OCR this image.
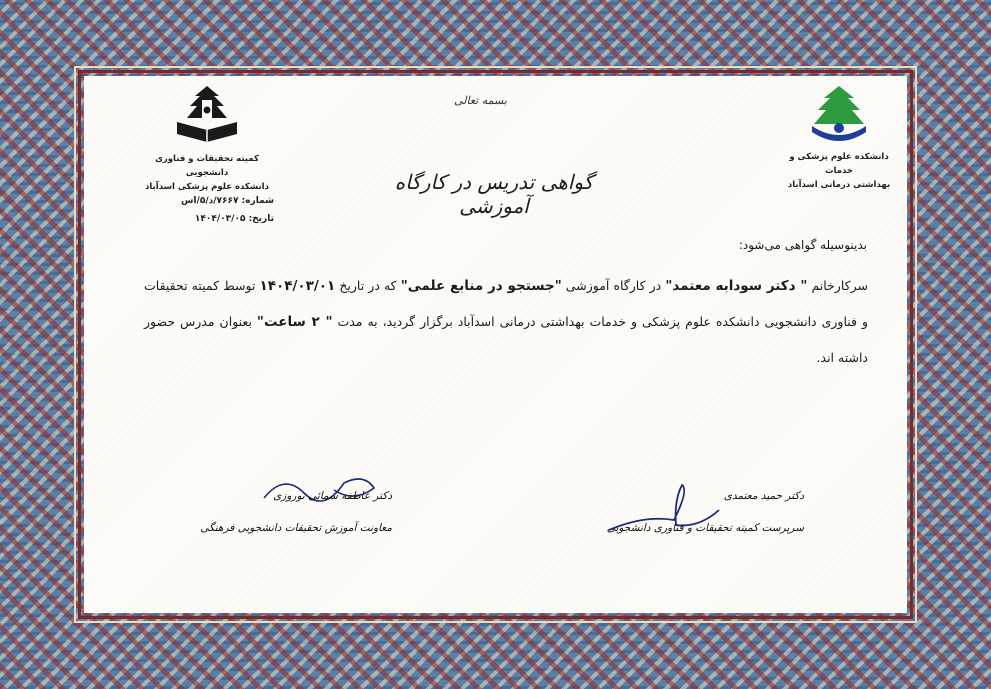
دانشکده علوم پزشکی و خدمات
بهداشتی درمانی اسدآباد
کمیته تحقیقات و فناوری دانشجویی
دانشکده علوم پزشکی اسدآباد
بسمه تعالی
گواهی تدریس در کارگاه آموزشی
شماره: ۷۶۶۷/د/۵/اس
تاریخ: ۱۴۰۴/۰۳/۰۵
بدینوسیله گواهی می‌شود:
سرکارخانم " دکتر سودابه معتمد" در کارگاه آموزشی "جستجو در منابع علمی" که در تاریخ ۱۴۰۴/۰۳/۰۱ توسط کمیته تحقیقات و فناوری دانشجویی دانشکده علوم پزشکی و خدمات بهداشتی درمانی اسدآباد برگزار گردید، به مدت " ۲ ساعت" بعنوان مدرس حضور داشته اند.
دکتر عاطفه سمائی نوروزی
معاونت آموزش تحقیقات دانشجویی فرهنگی
دکتر حمید معتمدی
سرپرست کمیته تحقیقات و فناوری دانشجویی
